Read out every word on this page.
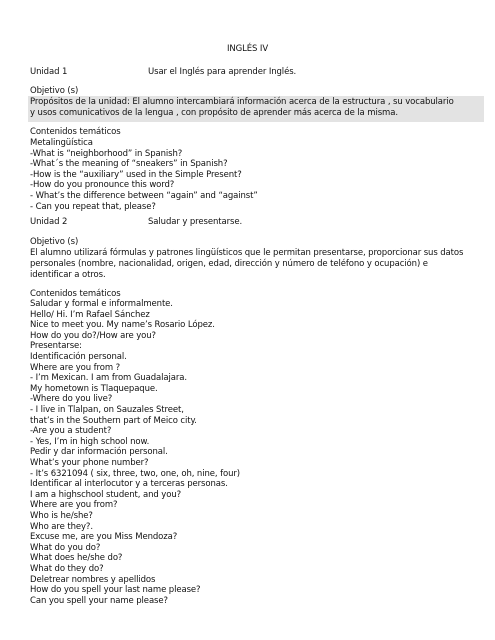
INGLÉS IV
Unidad 1	Usar el Inglés para aprender Inglés.
Objetivo (s)
Propósitos de la unidad: El alumno intercambiará información acerca de la estructura , su vocabulario
y usos comunicativos de la lengua , con propósito de aprender más acerca de la misma.
Contenidos temáticos
Metalingüística
-What is “neighborhood” in Spanish?
-What´s the meaning of “sneakers” in Spanish?
-How is the “auxiliary” used in the Simple Present?
-How do you pronounce this word?
- What’s the difference between “again” and “against”
- Can you repeat that, please?
Unidad 2	Saludar y presentarse.
Objetivo (s)
El alumno utilizará fórmulas y patrones lingüísticos que le permitan presentarse, proporcionar sus datos
personales (nombre, nacionalidad, origen, edad, dirección y número de teléfono y ocupación) e
identificar a otros.
Contenidos temáticos
Saludar y formal e informalmente.
Hello/ Hi. I’m Rafael Sánchez
Nice to meet you. My name’s Rosario López.
How do you do?/How are you?
Presentarse:
Identificación personal.
Where are you from ?
- I’m Mexican. I am from Guadalajara.
My hometown is Tlaquepaque.
-Where do you live?
- I live in Tlalpan, on Sauzales Street,
that’s in the Southern part of Meico city.
-Are you a student?
- Yes, I’m in high school now.
Pedir y dar información personal.
What’s your phone number?
- It’s 6321094 ( six, three, two, one, oh, nine, four)
Identificar al interlocutor y a terceras personas.
I am a highschool student, and you?
Where are you from?
Who is he/she?
Who are they?.
Excuse me, are you Miss Mendoza?
What do you do?
What does he/she do?
What do they do?
Deletrear nombres y apellidos
How do you spell your last name please?
Can you spell your name please?
